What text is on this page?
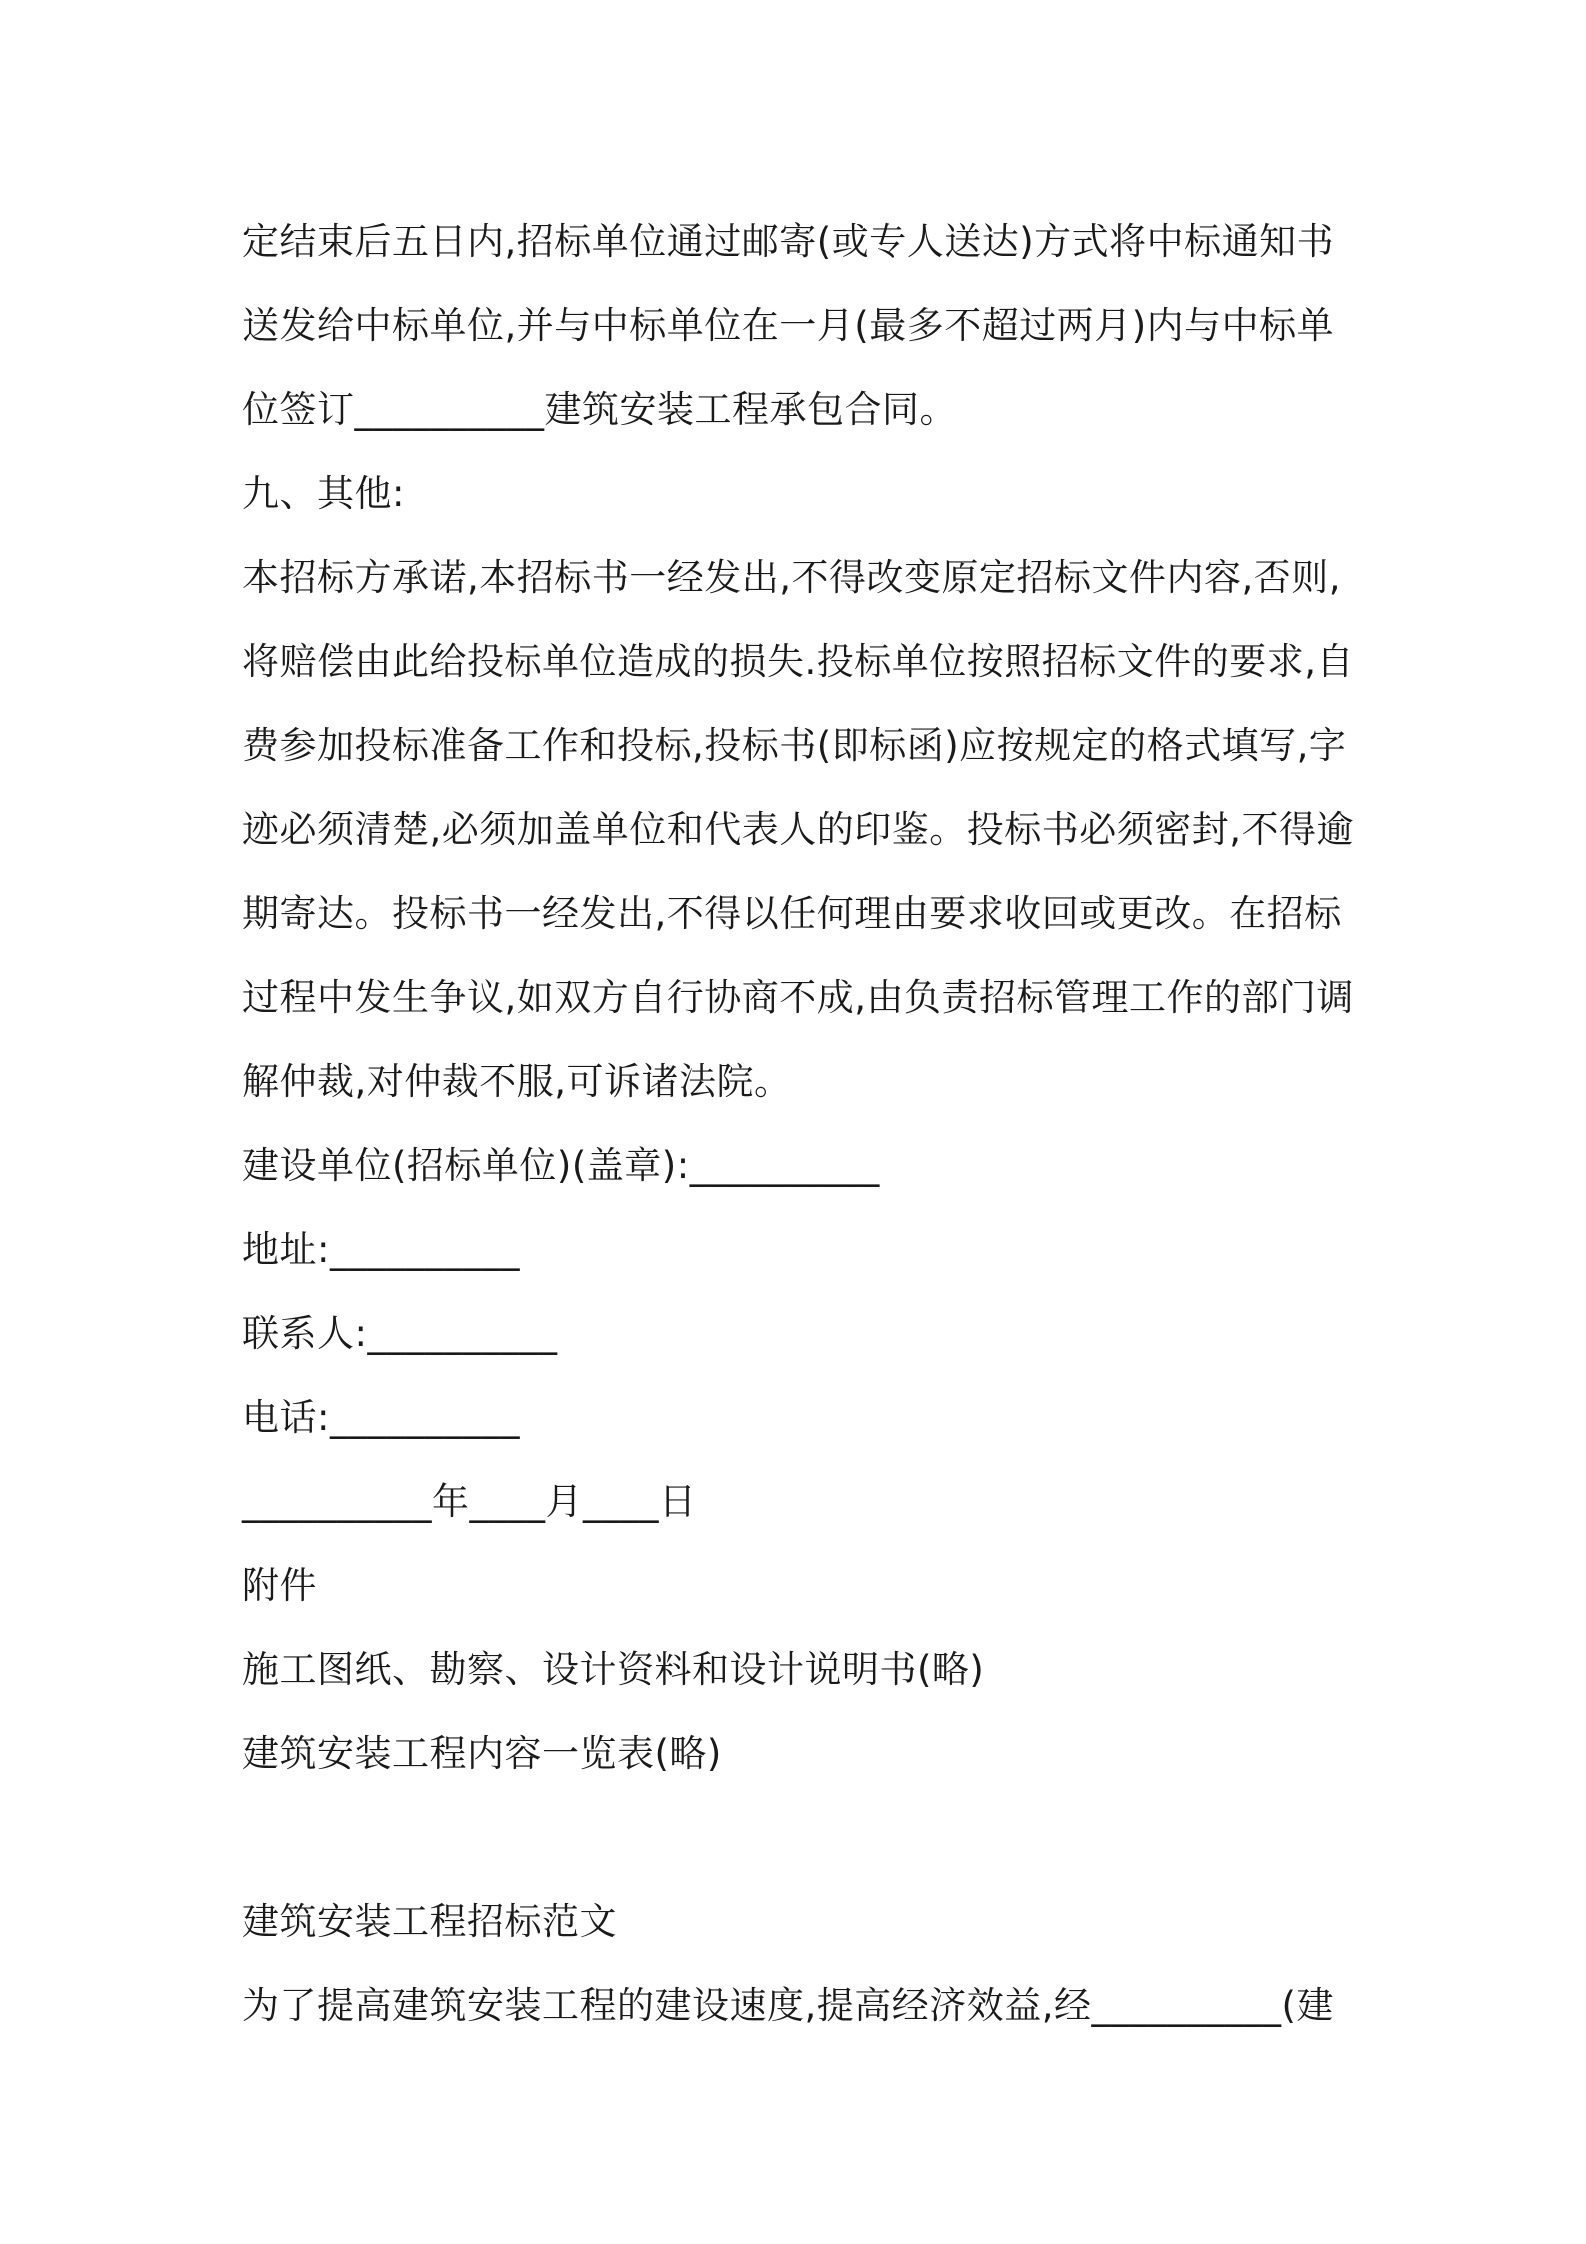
定结束后五日内,招标单位通过邮寄(或专人送达)方式将中标通知书
送发给中标单位,并与中标单位在一月(最多不超过两月)内与中标单
位签订__________建筑安装工程承包合同。
九、其他:
本招标方承诺,本招标书一经发出,不得改变原定招标文件内容,否则,
将赔偿由此给投标单位造成的损失.投标单位按照招标文件的要求,自
费参加投标准备工作和投标,投标书(即标函)应按规定的格式填写,字
迹必须清楚,必须加盖单位和代表人的印鉴。投标书必须密封,不得逾
期寄达。投标书一经发出,不得以任何理由要求收回或更改。在招标
过程中发生争议,如双方自行协商不成,由负责招标管理工作的部门调
解仲裁,对仲裁不服,可诉诸法院。
建设单位(招标单位)(盖章):__________
地址:__________
联系人:__________
电话:__________
__________年____月____日
附件
施工图纸、勘察、设计资料和设计说明书(略)
建筑安装工程内容一览表(略)
建筑安装工程招标范文
为了提高建筑安装工程的建设速度,提高经济效益,经__________(建
